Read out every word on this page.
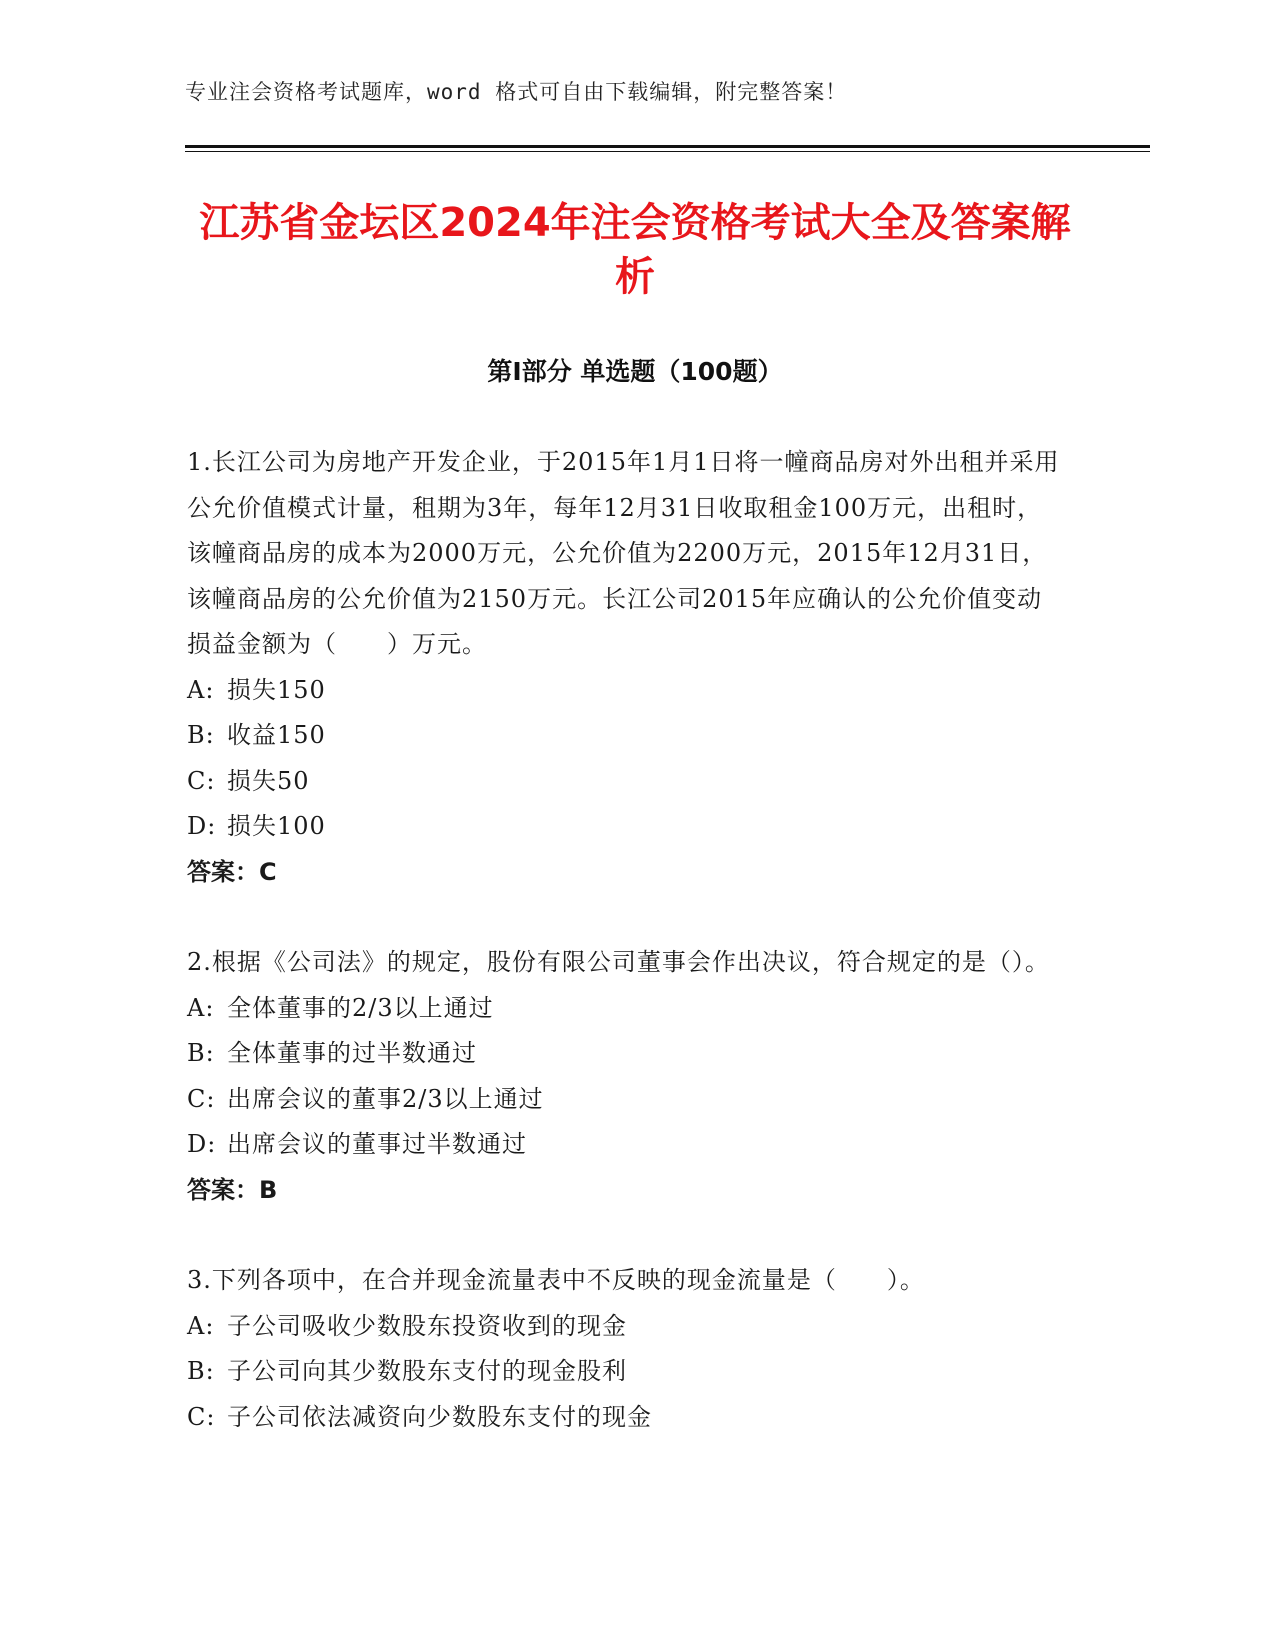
专业注会资格考试题库，word 格式可自由下载编辑，附完整答案！
江苏省金坛区2024年注会资格考试大全及答案解析
第Ⅰ部分 单选题（100题）

1.长江公司为房地产开发企业，于2015年1月1日将一幢商品房对外出租并采用公允价值模式计量，租期为3年，每年12月31日收取租金100万元，出租时，该幢商品房的成本为2000万元，公允价值为2200万元，2015年12月31日，该幢商品房的公允价值为2150万元。长江公司2015年应确认的公允价值变动损益金额为（　　）万元。

A: 损失150

B: 收益150

C: 损失50

D: 损失100

答案：C

2.根据《公司法》的规定，股份有限公司董事会作出决议，符合规定的是（）。

A: 全体董事的2/3以上通过

B: 全体董事的过半数通过

C: 出席会议的董事2/3以上通过

D: 出席会议的董事过半数通过

答案：B

3.下列各项中，在合并现金流量表中不反映的现金流量是（　　）。

A: 子公司吸收少数股东投资收到的现金

B: 子公司向其少数股东支付的现金股利

C: 子公司依法减资向少数股东支付的现金
